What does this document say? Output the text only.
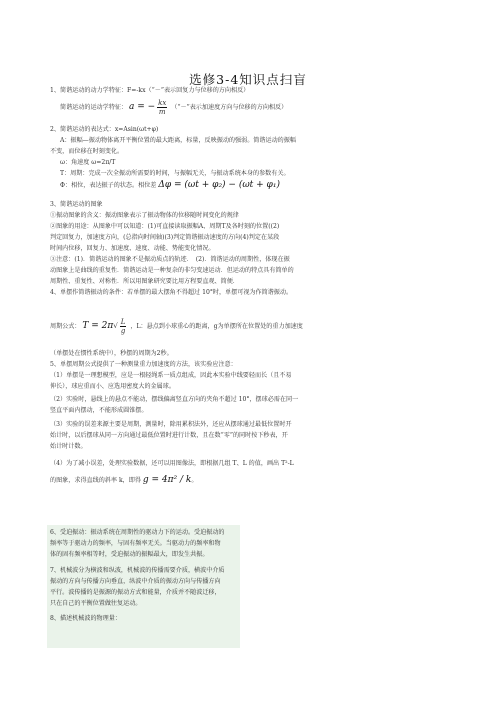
选修3-4知识点扫盲
1、简谐运动的动力学特征：F=-kx（“－”表示回复力与位移的方向相反）
简谐运动的运动学特征： a = − $\frac{kx}{m}$ （“－”表示加速度方向与位移的方向相反）
2、简谐运动的表达式：x=Asin(ωt+φ)
A：振幅—振动物体离开平衡位置的最大距离，标量，反映振动的强弱。简谐运动的振幅
不变，而位移在时刻变化。
ω：角速度 ω=2π/T
T：周期：完成一次全振动所需要的时间，与振幅无关，与振动系统本身的参数有关。
Φ：相位，表达振子的状态。相位差 Δφ = (ωt + φ₂) − (ωt + φ₁)
3、简谐运动的图象
①振动图象的含义：振动图象表示了振动物体的位移随时间变化的规律
②图象的用途：从图象中可以知道：(1)可直接读取振幅A、周期T及各时刻的位置((2)
判定回复力，加速度方向，(总指向时间轴)(3)判定简谐振动速度的方向(4)判定在某段
时间内位移，回复力、加速度、速度、动能、势能变化情况。
③注意：(1)．简谐运动的图象不是振动质点的轨迹．　(2)．简谐运动的周期性，体现在振
动图象上是曲线的重复性．简谐运动是一种复杂的非匀变速运动．但运动的特点具有简单的
周期性、重复性、对称性．所以用图象研究要比用方程要直观、简便．
4、单摆作简谐振动的条件：若单摆的最大摆角不得超过 10°时，单摆可视为作简谐振动。
周期公式： $T = 2\pi√ \frac{L}{g}$ ，L：悬点到小球重心的距离，g为单摆所在位置处的重力加速度
（单摆处在惯性系统中），秒摆的周期为2秒。
5、单摆周期公式提供了一种测量重力加速度的方法，该实验应注意：
（1）单摆是一理想模型，应是一根轻绳系一质点组成，因此本实验中线要轻而长（且不易
伸长），球应重而小、应选用密度大的金属球。
（2）实验时，悬线上的悬点不能动，摆线偏离竖直方向的夹角不超过 10°，摆球必需在同一
竖直平面内摆动，不能形成圆锥摆。
（3）实验的误差来源主要是周期，测量时，除用累积法外，还应从摆球通过最低位置时开
始计时，以后摆球从同一方向通过最低位置时进行计数，且在数“零”的同时按下秒表，开
始计时计数。
（4）为了减小误差，处理实验数据，还可以用图像法，即根据几组 T、L 的值，画出 T²-L
的图象，求得直线的斜率 k，即得 g = 4π² / k。
6、受迫振动：振动系统在周期性的驱动力下的运动。受迫振动的
频率等于驱动力的频率，与固有频率无关。当驱动力的频率和物
体的固有频率相等时，受迫振动的振幅最大，即发生共振。
7、机械波分为横波和纵波，机械波的传播需要介质，横波中介质
振动的方向与传播方向垂直，纵波中介质的振动方向与传播方向
平行。波传播的是振源的振动方式和能量，介质并不随波迁移，
只在自己的平衡位置做往复运动。
8、描述机械波的物理量：
